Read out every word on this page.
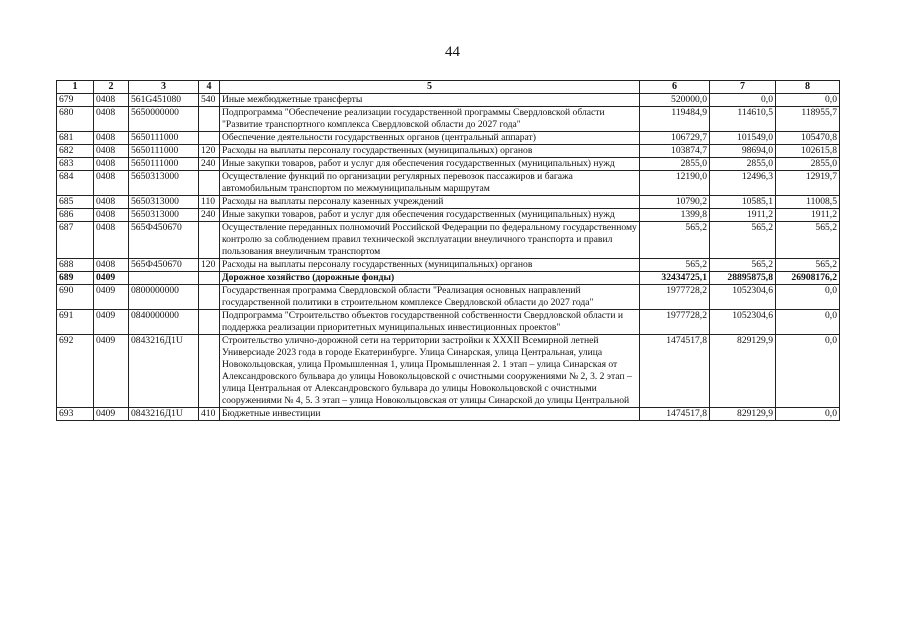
44
1	2	3	4	5	6	7	8
679	0408	561G451080	540	Иные межбюджетные трансферты	520000,0	0,0	0,0
680	0408	5650000000		Подпрограмма "Обеспечение реализации государственной программы Свердловской области "Развитие транспортного комплекса Свердловской области до 2027 года"	119484,9	114610,5	118955,7
681	0408	5650111000		Обеспечение деятельности государственных органов (центральный аппарат)	106729,7	101549,0	105470,8
682	0408	5650111000	120	Расходы на выплаты персоналу государственных (муниципальных) органов	103874,7	98694,0	102615,8
683	0408	5650111000	240	Иные закупки товаров, работ и услуг для обеспечения государственных (муниципальных) нужд	2855,0	2855,0	2855,0
684	0408	5650313000		Осуществление функций по организации регулярных перевозок пассажиров и багажа автомобильным транспортом по межмуниципальным маршрутам	12190,0	12496,3	12919,7
685	0408	5650313000	110	Расходы на выплаты персоналу казенных учреждений	10790,2	10585,1	11008,5
686	0408	5650313000	240	Иные закупки товаров, работ и услуг для обеспечения государственных (муниципальных) нужд	1399,8	1911,2	1911,2
687	0408	565Ф450670		Осуществление переданных полномочий Российской Федерации по федеральному государственному контролю за соблюдением правил технической эксплуатации внеуличного транспорта и правил пользования внеуличным транспортом	565,2	565,2	565,2
688	0408	565Ф450670	120	Расходы на выплаты персоналу государственных (муниципальных) органов	565,2	565,2	565,2
689	0409			Дорожное хозяйство (дорожные фонды)	32434725,1	28895875,8	26908176,2
690	0409	0800000000		Государственная программа Свердловской области "Реализация основных направлений государственной политики в строительном комплексе Свердловской области до 2027 года"	1977728,2	1052304,6	0,0
691	0409	0840000000		Подпрограмма "Строительство объектов государственной собственности Свердловской области и поддержка реализации приоритетных муниципальных инвестиционных проектов"	1977728,2	1052304,6	0,0
692	0409	0843216Д1U		Строительство улично-дорожной сети на территории застройки к XXXII Всемирной летней Универсиаде 2023 года в городе Екатеринбурге. Улица Синарская, улица Центральная, улица Новокольцовская, улица Промышленная 1, улица Промышленная 2. 1 этап – улица Синарская от Александровского бульвара до улицы Новокольцовской с очистными сооружениями № 2, 3. 2 этап – улица Центральная от Александровского бульвара до улицы Новокольцовской с очистными сооружениями № 4, 5. 3 этап – улица Новокольцовская от улицы Синарской до улицы Центральной	1474517,8	829129,9	0,0
693	0409	0843216Д1U	410	Бюджетные инвестиции	1474517,8	829129,9	0,0
